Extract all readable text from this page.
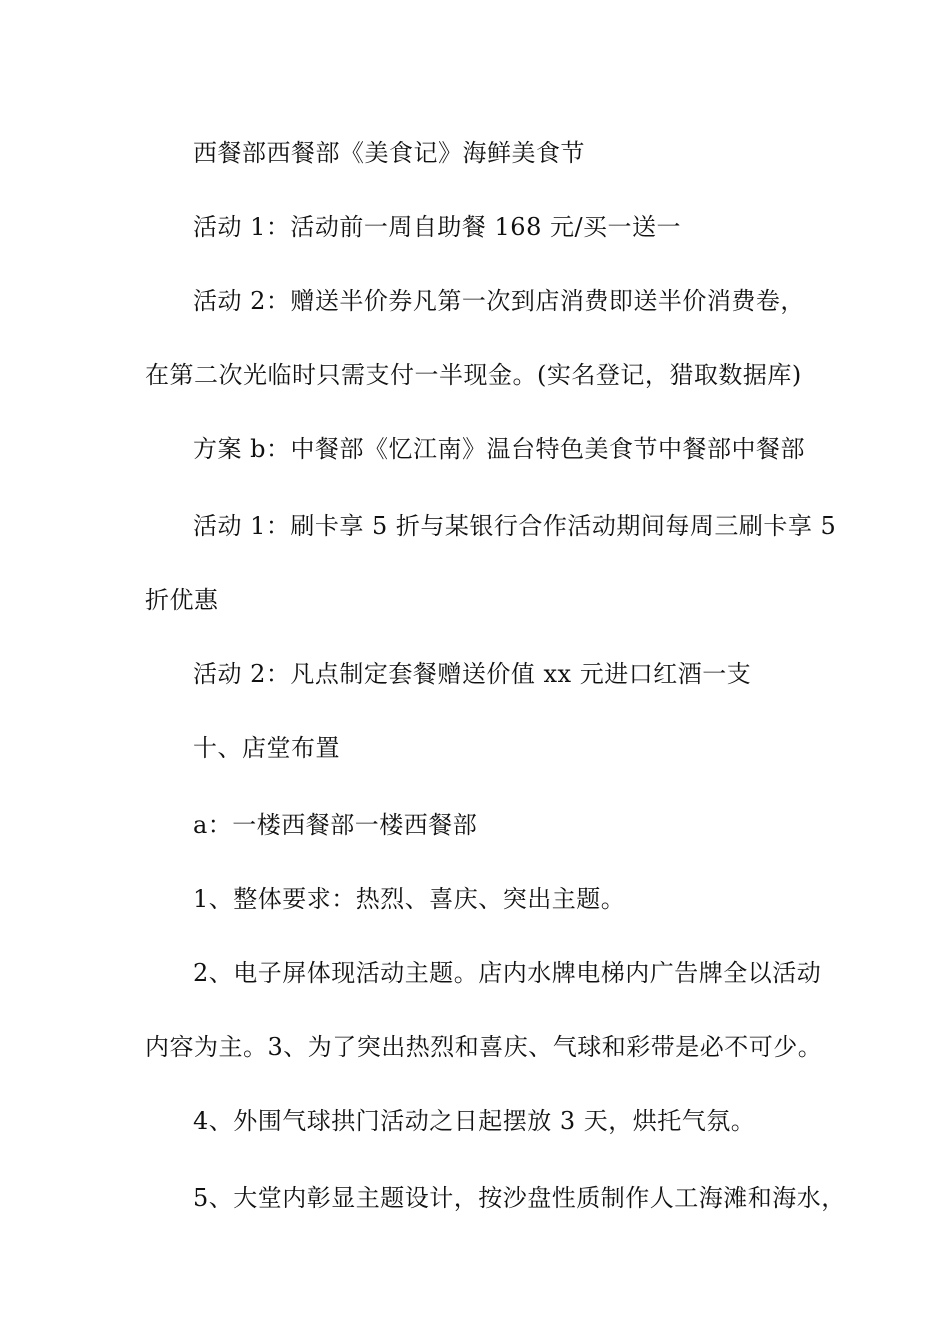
西餐部西餐部《美食记》海鲜美食节

活动 1：活动前一周自助餐 168 元/买一送一

活动 2：赠送半价券凡第一次到店消费即送半价消费卷，

在第二次光临时只需支付一半现金。(实名登记，猎取数据库)

方案 b：中餐部《忆江南》温台特色美食节中餐部中餐部

活动 1：刷卡享 5 折与某银行合作活动期间每周三刷卡享 5

折优惠

活动 2：凡点制定套餐赠送价值 xx 元进口红酒一支

十、店堂布置

a：一楼西餐部一楼西餐部

1、整体要求：热烈、喜庆、突出主题。

2、电子屏体现活动主题。店内水牌电梯内广告牌全以活动

内容为主。3、为了突出热烈和喜庆、气球和彩带是必不可少。

4、外围气球拱门活动之日起摆放 3 天，烘托气氛。

5、大堂内彰显主题设计，按沙盘性质制作人工海滩和海水，
